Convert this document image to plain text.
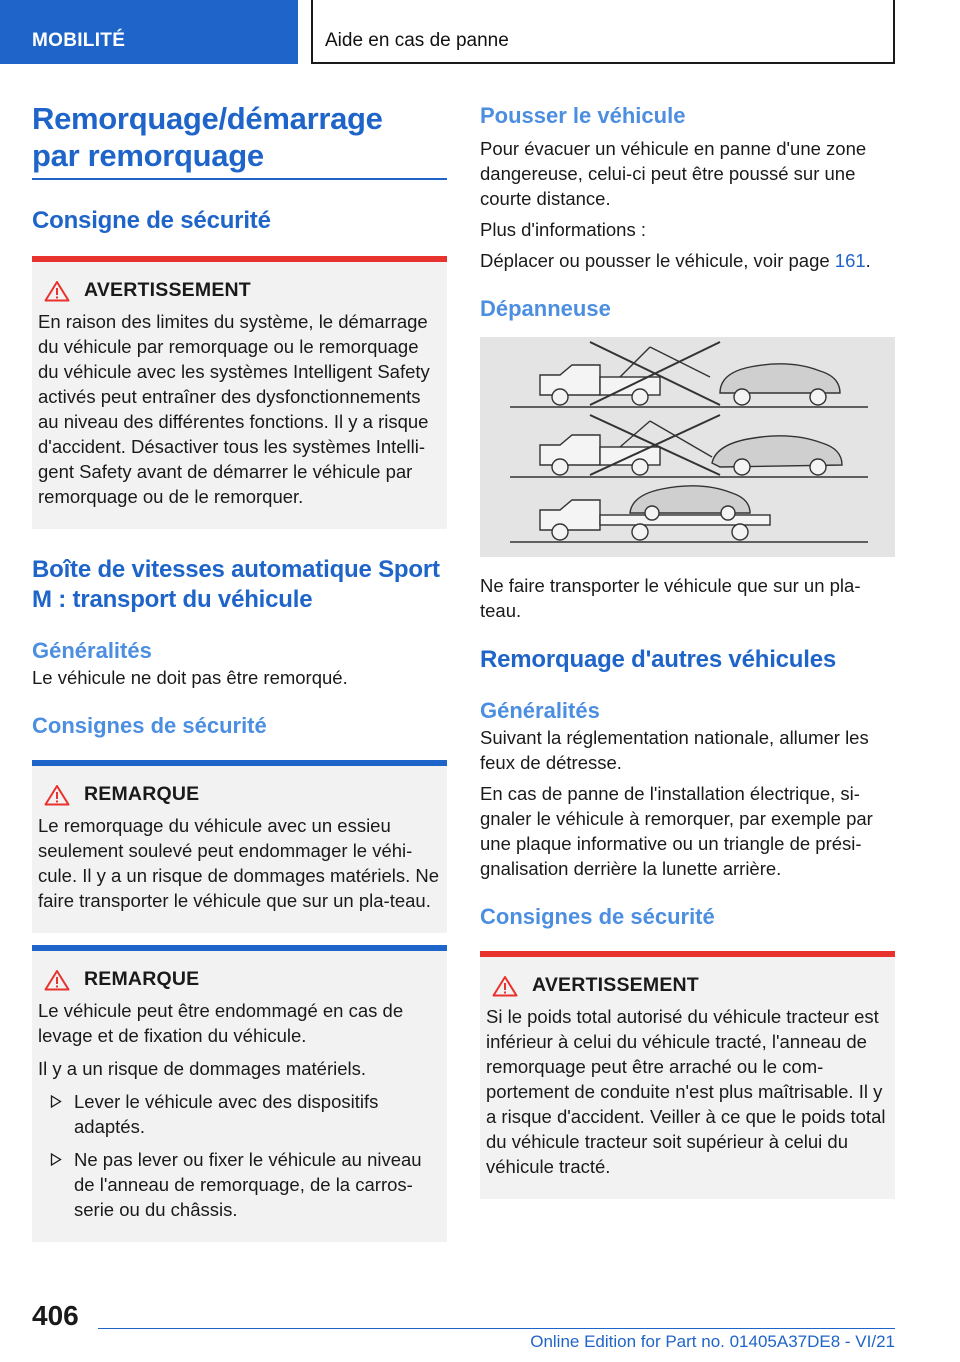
MOBILITÉ	Aide en cas de panne
Remorquage/démarrage
par remorquage
Consigne de sécurité
AVERTISSEMENT

En raison des limites du système, le démarrage du véhicule par remorquage ou le remorquage du véhicule avec les systèmes Intelligent Safety activés peut entraîner des dysfonctionnements au niveau des différentes fonctions. Il y a risque d'accident. Désactiver tous les systèmes Intelli-gent Safety avant de démarrer le véhicule par remorquage ou de le remorquer.

Boîte de vitesses automatique Sport M : transport du véhicule
Généralités

Le véhicule ne doit pas être remorqué.

Consignes de sécurité
REMARQUE

Le remorquage du véhicule avec un essieu seulement soulevé peut endommager le véhi-cule. Il y a un risque de dommages matériels. Ne faire transporter le véhicule que sur un pla-teau.

REMARQUE

Le véhicule peut être endommagé en cas de levage et de fixation du véhicule.

Il y a un risque de dommages matériels.

Lever le véhicule avec des dispositifs adaptés.
Ne pas lever ou fixer le véhicule au niveau de l'anneau de remorquage, de la carros-serie ou du châssis.
Pousser le véhicule

Pour évacuer un véhicule en panne d'une zone dangereuse, celui-ci peut être poussé sur une courte distance.

Plus d'informations :

Déplacer ou pousser le véhicule, voir page 161.

Dépanneuse

Ne faire transporter le véhicule que sur un pla-teau.

Remorquage d'autres véhicules
Généralités

Suivant la réglementation nationale, allumer les feux de détresse.

En cas de panne de l'installation électrique, si-gnaler le véhicule à remorquer, par exemple par une plaque informative ou un triangle de prési-gnalisation derrière la lunette arrière.

Consignes de sécurité
AVERTISSEMENT

Si le poids total autorisé du véhicule tracteur est inférieur à celui du véhicule tracté, l'anneau de remorquage peut être arraché ou le com-portement de conduite n'est plus maîtrisable. Il y a risque d'accident. Veiller à ce que le poids total du véhicule tracteur soit supérieur à celui du véhicule tracté.

406
Online Edition for Part no. 01405A37DE8 - VI/21
